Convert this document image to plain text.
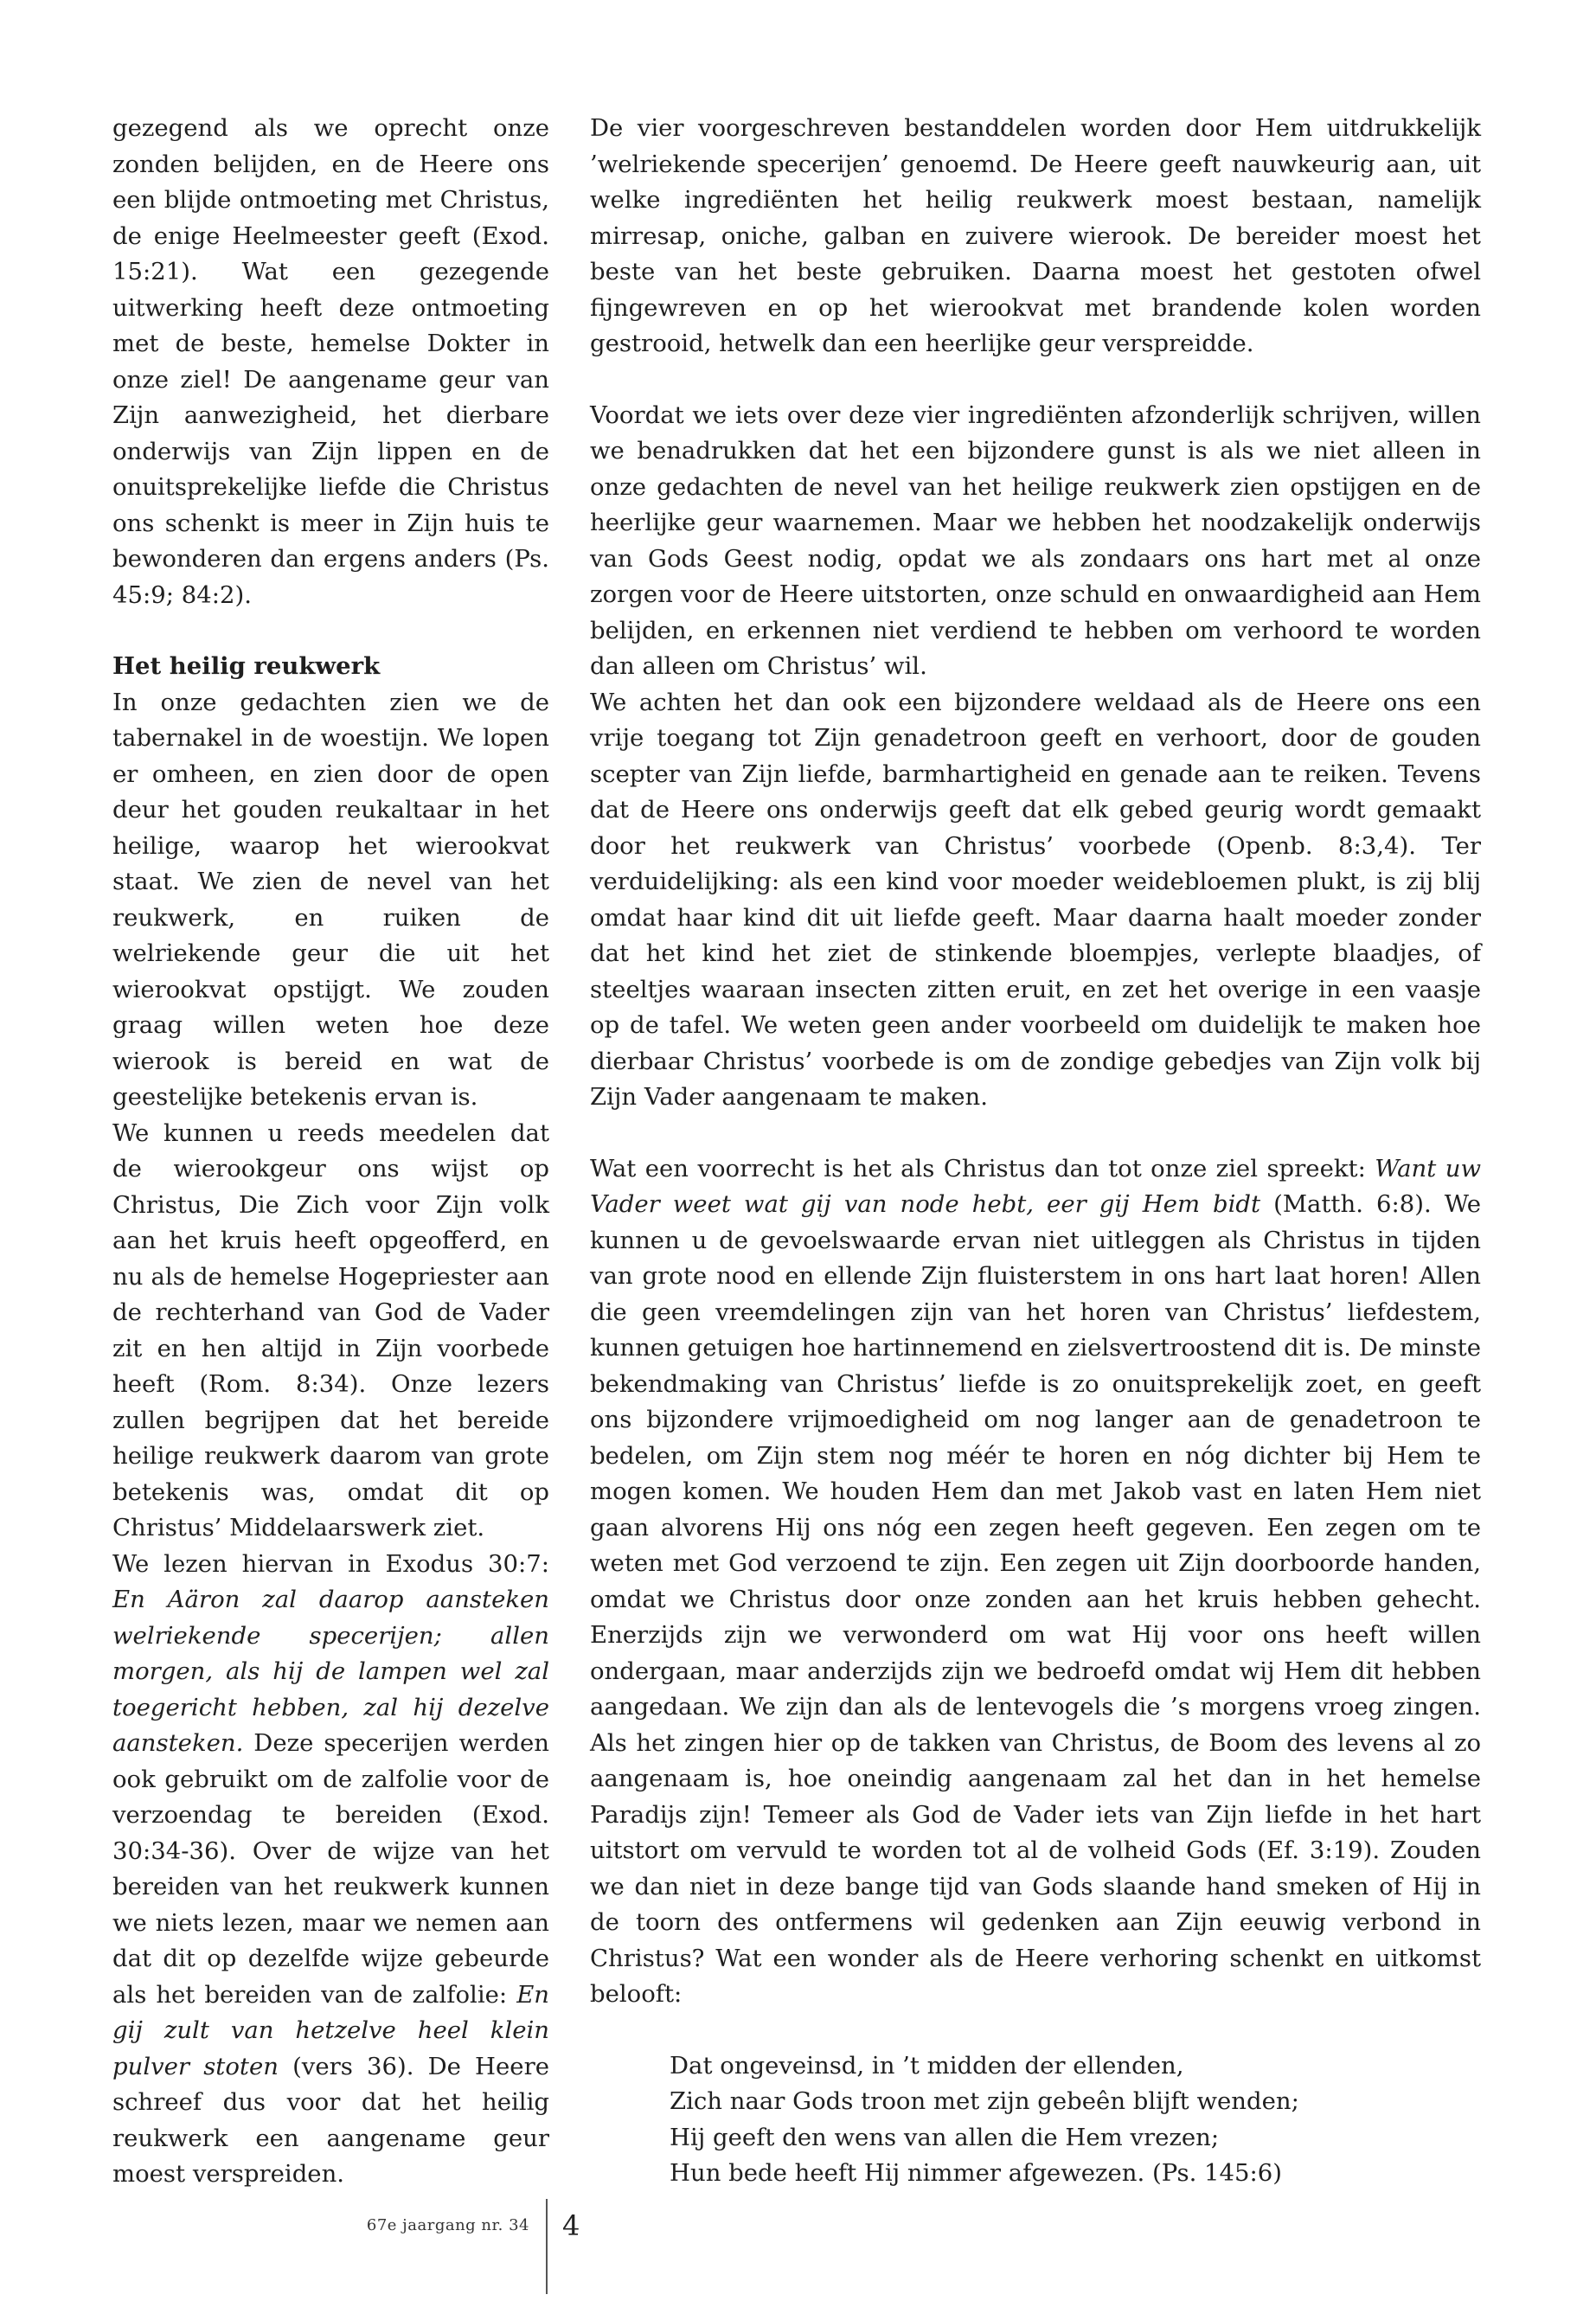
gezegend als we oprecht onze zonden belijden, en de Heere ons een blijde ontmoeting met Christus, de enige Heelmeester geeft (Exod. 15:21). Wat een gezegende uitwerking heeft deze ontmoeting met de beste, hemelse Dokter in onze ziel! De aangename geur van Zijn aanwezigheid, het dierbare onderwijs van Zijn lippen en de onuitsprekelijke liefde die Christus ons schenkt is meer in Zijn huis te bewonderen dan ergens anders (Ps. 45:9; 84:2).

Het heilig reukwerk

In onze gedachten zien we de tabernakel in de woestijn. We lopen er omheen, en zien door de open deur het gouden reukaltaar in het heilige, waarop het wierookvat staat. We zien de nevel van het reukwerk, en ruiken de welriekende geur die uit het wierookvat opstijgt. We zouden graag willen weten hoe deze wierook is bereid en wat de geestelijke betekenis ervan is.

We kunnen u reeds meedelen dat de wierookgeur ons wijst op Christus, Die Zich voor Zijn volk aan het kruis heeft opgeofferd, en nu als de hemelse Hogepriester aan de rechterhand van God de Vader zit en hen altijd in Zijn voorbede heeft (Rom. 8:34). Onze lezers zullen begrijpen dat het bereide heilige reukwerk daarom van grote betekenis was, omdat dit op Christus’ Middelaarswerk ziet.

We lezen hiervan in Exodus 30:7: En Aäron zal daarop aansteken welriekende specerijen; allen morgen, als hij de lampen wel zal toegericht hebben, zal hij dezelve aansteken. Deze specerijen werden ook gebruikt om de zalfolie voor de verzoendag te bereiden (Exod. 30:34-36). Over de wijze van het bereiden van het reukwerk kunnen we niets lezen, maar we nemen aan dat dit op dezelfde wijze gebeurde als het bereiden van de zalfolie: En gij zult van hetzelve heel klein pulver stoten (vers 36). De Heere schreef dus voor dat het heilig reukwerk een aangename geur moest verspreiden.

De vier voorgeschreven bestanddelen worden door Hem uitdrukkelijk ’welriekende specerijen’ genoemd. De Heere geeft nauwkeurig aan, uit welke ingrediënten het heilig reukwerk moest bestaan, namelijk mirresap, oniche, galban en zuivere wierook. De bereider moest het beste van het beste gebruiken. Daarna moest het gestoten ofwel fijngewreven en op het wierookvat met brandende kolen worden gestrooid, hetwelk dan een heerlijke geur verspreidde.

Voordat we iets over deze vier ingrediënten afzonderlijk schrijven, willen we benadrukken dat het een bijzondere gunst is als we niet alleen in onze gedachten de nevel van het heilige reukwerk zien opstijgen en de heerlijke geur waarnemen. Maar we hebben het noodzakelijk onderwijs van Gods Geest nodig, opdat we als zondaars ons hart met al onze zorgen voor de Heere uitstorten, onze schuld en onwaardigheid aan Hem belijden, en erkennen niet verdiend te hebben om verhoord te worden dan alleen om Christus’ wil.

We achten het dan ook een bijzondere weldaad als de Heere ons een vrije toegang tot Zijn genadetroon geeft en verhoort, door de gouden scepter van Zijn liefde, barmhartigheid en genade aan te reiken. Tevens dat de Heere ons onderwijs geeft dat elk gebed geurig wordt gemaakt door het reukwerk van Christus’ voorbede (Openb. 8:3,4). Ter verduidelijking: als een kind voor moeder weidebloemen plukt, is zij blij omdat haar kind dit uit liefde geeft. Maar daarna haalt moeder zonder dat het kind het ziet de stinkende bloempjes, verlepte blaadjes, of steeltjes waaraan insecten zitten eruit, en zet het overige in een vaasje op de tafel. We weten geen ander voorbeeld om duidelijk te maken hoe dierbaar Christus’ voorbede is om de zondige gebedjes van Zijn volk bij Zijn Vader aangenaam te maken.

Wat een voorrecht is het als Christus dan tot onze ziel spreekt: Want uw Vader weet wat gij van node hebt, eer gij Hem bidt (Matth. 6:8). We kunnen u de gevoelswaarde ervan niet uitleggen als Christus in tijden van grote nood en ellende Zijn fluisterstem in ons hart laat horen! Allen die geen vreemdelingen zijn van het horen van Christus’ liefdestem, kunnen getuigen hoe hartinnemend en zielsvertroostend dit is. De minste bekendmaking van Christus’ liefde is zo onuitsprekelijk zoet, en geeft ons bijzondere vrijmoedigheid om nog langer aan de genadetroon te bedelen, om Zijn stem nog méér te horen en nóg dichter bij Hem te mogen komen. We houden Hem dan met Jakob vast en laten Hem niet gaan alvorens Hij ons nóg een zegen heeft gegeven. Een zegen om te weten met God verzoend te zijn. Een zegen uit Zijn doorboorde handen, omdat we Christus door onze zonden aan het kruis hebben gehecht. Enerzijds zijn we verwonderd om wat Hij voor ons heeft willen ondergaan, maar anderzijds zijn we bedroefd omdat wij Hem dit hebben aangedaan. We zijn dan als de lentevogels die ’s morgens vroeg zingen. Als het zingen hier op de takken van Christus, de Boom des levens al zo aangenaam is, hoe oneindig aangenaam zal het dan in het hemelse Paradijs zijn! Temeer als God de Vader iets van Zijn liefde in het hart uitstort om vervuld te worden tot al de volheid Gods (Ef. 3:19). Zouden we dan niet in deze bange tijd van Gods slaande hand smeken of Hij in de toorn des ontfermens wil gedenken aan Zijn eeuwig verbond in Christus? Wat een wonder als de Heere verhoring schenkt en uitkomst belooft:

Dat ongeveinsd, in ’t midden der ellenden,
Zich naar Gods troon met zijn gebeên blijft wenden;
Hij geeft den wens van allen die Hem vrezen;
Hun bede heeft Hij nimmer afgewezen. (Ps. 145:6)
67e jaargang nr. 34 4
